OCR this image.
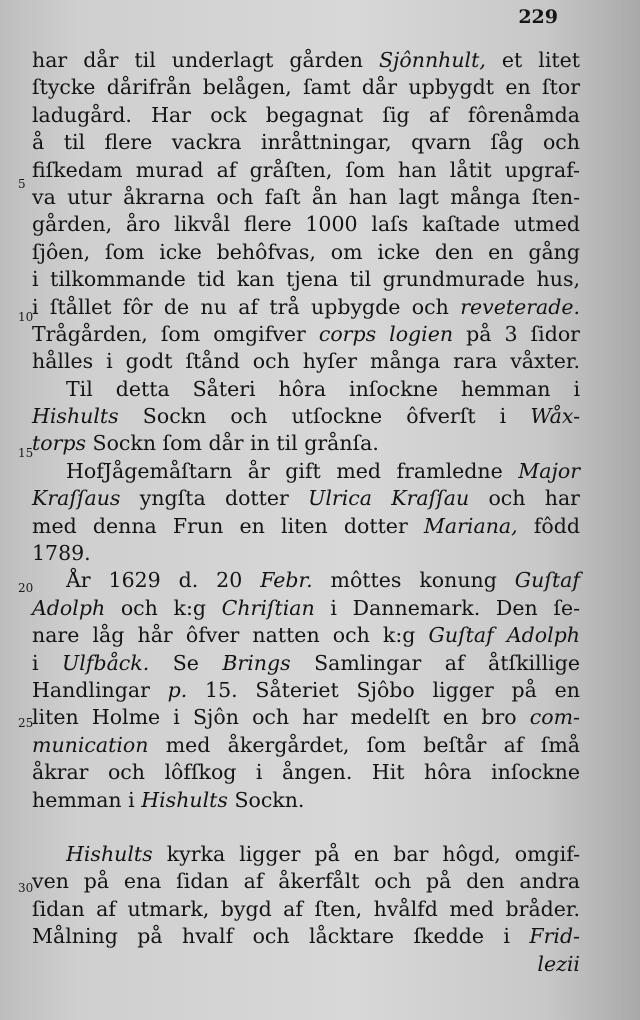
229
5
10
15
20
25
30
har dår til underlagt gården Sjônnhult, et litet
ſtycke dårifrån belågen, ſamt dår upbygdt en ſtor
ladugård. Har ock begagnat ſig af fôrenåmda
å til flere vackra inråttningar, qvarn ſåg och
fiſkedam murad af gråſten, ſom han låtit upgraf-
va utur åkrarna och faſt ån han lagt många ſten-
gården, åro likvål flere 1000 laſs kaſtade utmed
ſjôen, ſom icke behôfvas, om icke den en gång
i tilkommande tid kan tjena til grundmurade hus,
i ſtållet fôr de nu af trå upbygde och reveterade.
Trågården, ſom omgifver corps logien på 3 ſidor
hålles i godt ſtånd och hyſer många rara våxter.
Til detta Såteri hôra inſockne hemman i
Hishults Sockn och utſockne ôfverſt i Wåx-
torps Sockn ſom dår in til grånſa.
HofJågemåſtarn år gift med framledne Major
Kraſſaus yngſta dotter Ulrica Kraſſau och har
med denna Frun en liten dotter Mariana, fôdd
1789.
År 1629 d. 20 Febr. môttes konung Guſtaf
Adolph och k:g Chriſtian i Dannemark. Den ſe-
nare låg hår ôfver natten och k:g Guſtaf Adolph
i Ulfbåck. Se Brings Samlingar af åtſkillige
Handlingar p. 15. Såteriet Sjôbo ligger på en
liten Holme i Sjôn och har medelſt en bro com-
munication med åkergårdet, ſom beſtår af ſmå
åkrar och lôfſkog i ången. Hit hôra inſockne
hemman i Hishults Sockn.
Hishults kyrka ligger på en bar hôgd, omgif-
ven på ena ſidan af åkerfålt och på den andra
ſidan af utmark, bygd af ſten, hvålfd med bråder.
Målning på hvalf och låcktare ſkedde i Frid-
lezii
